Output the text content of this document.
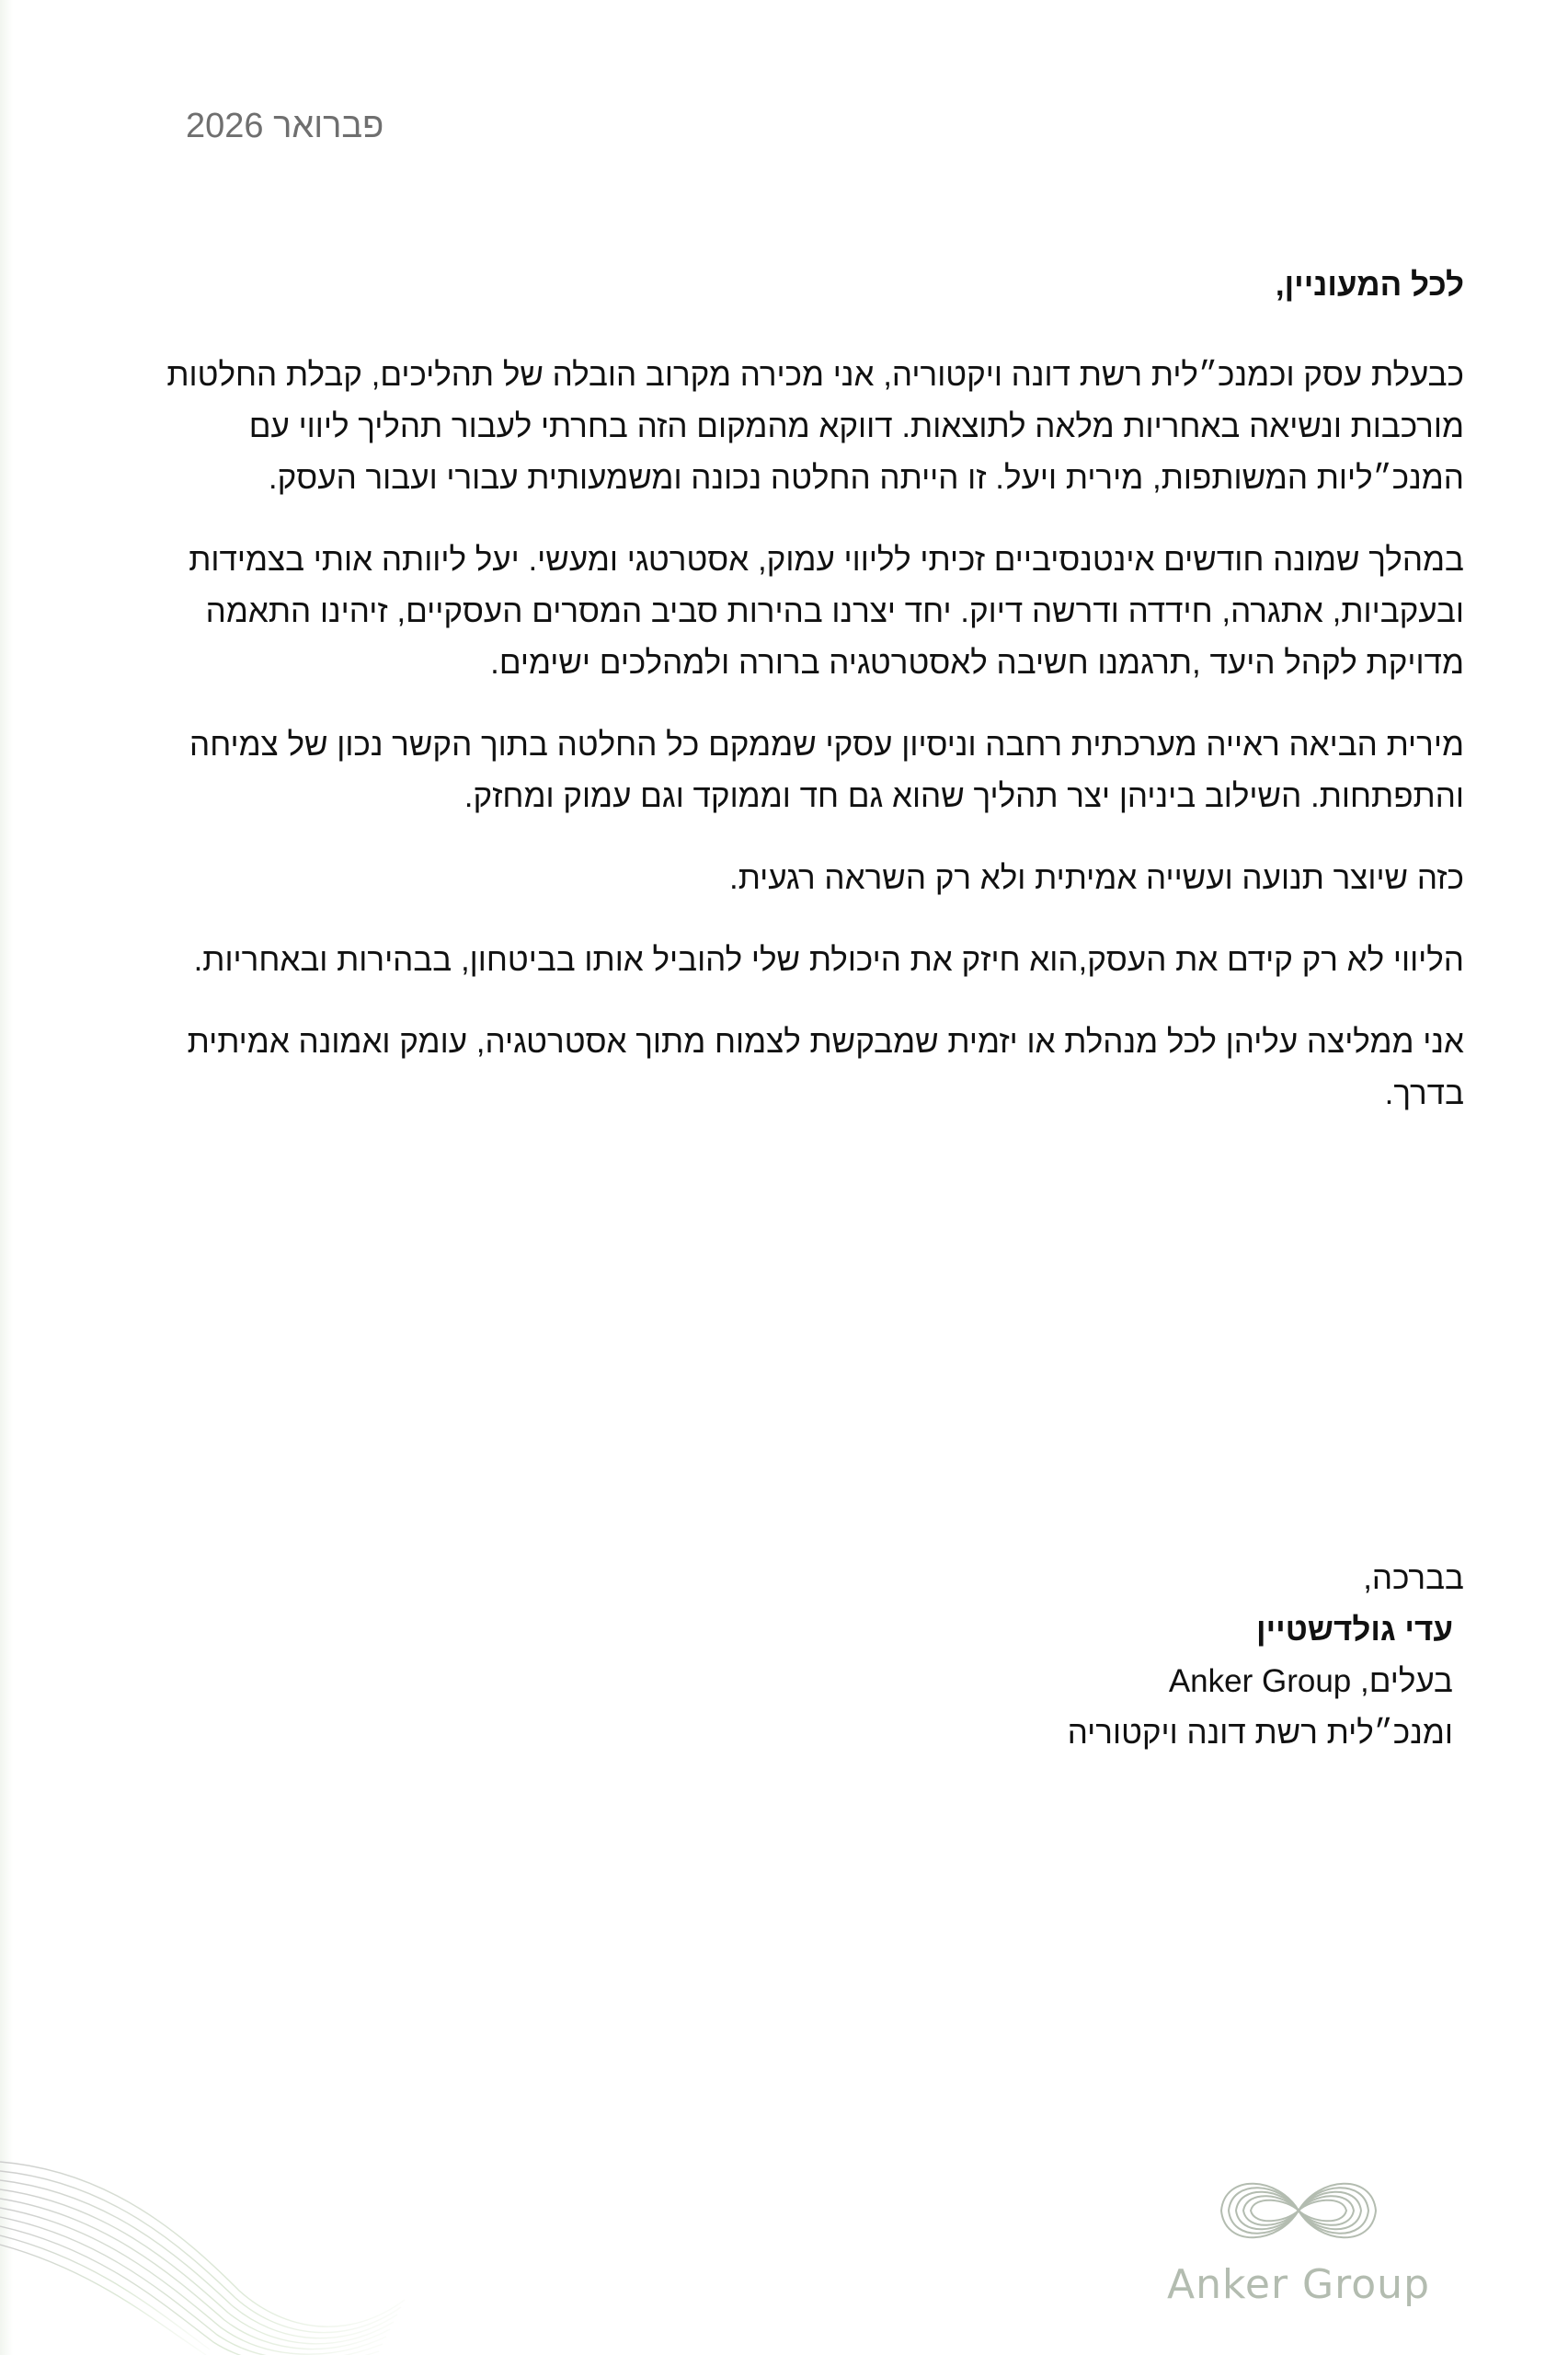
פברואר 2026

לכל המעוניין,

כבעלת עסק וכמנכ״לית רשת דונה ויקטוריה, אני מכירה מקרוב הובלה של תהליכים, קבלת החלטות מורכבות ונשיאה באחריות מלאה לתוצאות. דווקא מהמקום הזה בחרתי לעבור תהליך ליווי עם המנכ״ליות המשותפות, מירית ויעל. זו הייתה החלטה נכונה ומשמעותית עבורי ועבור העסק.

במהלך שמונה חודשים אינטנסיביים זכיתי לליווי עמוק, אסטרטגי ומעשי. יעל ליוותה אותי בצמידות ובעקביות, אתגרה, חידדה ודרשה דיוק. יחד יצרנו בהירות סביב המסרים העסקיים, זיהינו התאמה מדויקת לקהל היעד ,תרגמנו חשיבה לאסטרטגיה ברורה ולמהלכים ישימים.

מירית הביאה ראייה מערכתית רחבה וניסיון עסקי שממקם כל החלטה בתוך הקשר נכון של צמיחה והתפתחות. השילוב ביניהן יצר תהליך שהוא גם חד וממוקד וגם עמוק ומחזק.

כזה שיוצר תנועה ועשייה אמיתית ולא רק השראה רגעית.

הליווי לא רק קידם את העסק,הוא חיזק את היכולת שלי להוביל אותו בביטחון, בבהירות ובאחריות.

אני ממליצה עליהן לכל מנהלת או יזמית שמבקשת לצמוח מתוך אסטרטגיה, עומק ואמונה אמיתית בדרך.

בברכה,
עדי גולדשטיין
בעלים, Anker Group
ומנכ״לית רשת דונה ויקטוריה
Anker Group
